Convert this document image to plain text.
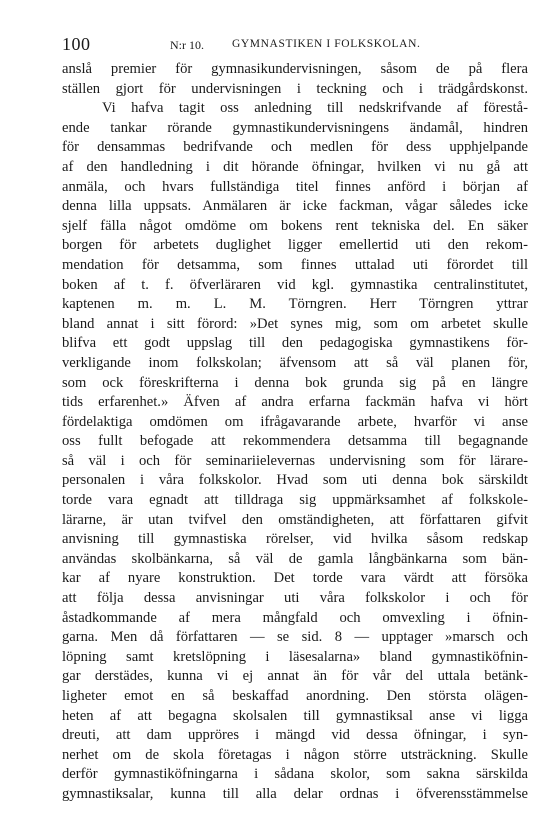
100	N:r 10. GYMNASTIKEN I FOLKSKOLAN.
anslå premier för gymnasikundervisningen, såsom de på flera
ställen gjort för undervisningen i teckning och i trädgårdskonst.
Vi hafva tagit oss anledning till nedskrifvande af förestå-
ende tankar rörande gymnastikundervisningens ändamål, hindren
för densammas bedrifvande och medlen för dess upphjelpande
af den handledning i dit hörande öfningar, hvilken vi nu gå att
anmäla, och hvars fullständiga titel finnes anförd i början af
denna lilla uppsats. Anmälaren är icke fackman, vågar således icke
sjelf fälla något omdöme om bokens rent tekniska del. En säker
borgen för arbetets duglighet ligger emellertid uti den rekom-
mendation för detsamma, som finnes uttalad uti förordet till
boken af t. f. öfverläraren vid kgl. gymnastika centralinstitutet,
kaptenen m. m. L. M. Törngren. Herr Törngren yttrar
bland annat i sitt förord: »Det synes mig, som om arbetet skulle
blifva ett godt uppslag till den pedagogiska gymnastikens för-
verkligande inom folkskolan; äfvensom att så väl planen för,
som ock föreskrifterna i denna bok grunda sig på en längre
tids erfarenhet.» Äfven af andra erfarna fackmän hafva vi hört
fördelaktiga omdömen om ifrågavarande arbete, hvarför vi anse
oss fullt befogade att rekommendera detsamma till begagnande
så väl i och för seminariielevernas undervisning som för lärare-
personalen i våra folkskolor. Hvad som uti denna bok särskildt
torde vara egnadt att tilldraga sig uppmärksamhet af folkskole-
lärarne, är utan tvifvel den omständigheten, att författaren gifvit
anvisning till gymnastiska rörelser, vid hvilka såsom redskap
användas skolbänkarna, så väl de gamla långbänkarna som bän-
kar af nyare konstruktion. Det torde vara värdt att försöka
att följa dessa anvisningar uti våra folkskolor i och för
åstadkommande af mera mångfald och omvexling i öfnin-
garna. Men då författaren — se sid. 8 — upptager »marsch och
löpning samt kretslöpning i läsesalarna» bland gymnastiköfnin-
gar derstädes, kunna vi ej annat än för vår del uttala betänk-
ligheter emot en så beskaffad anordning. Den största olägen-
heten af att begagna skolsalen till gymnastiksal anse vi ligga
dreuti, att dam uppröres i mängd vid dessa öfningar, i syn-
nerhet om de skola företagas i någon större utsträckning. Skulle
derför gymnastiköfningarna i sådana skolor, som sakna särskilda
gymnastiksalar, kunna till alla delar ordnas i öfverensstämmelse
